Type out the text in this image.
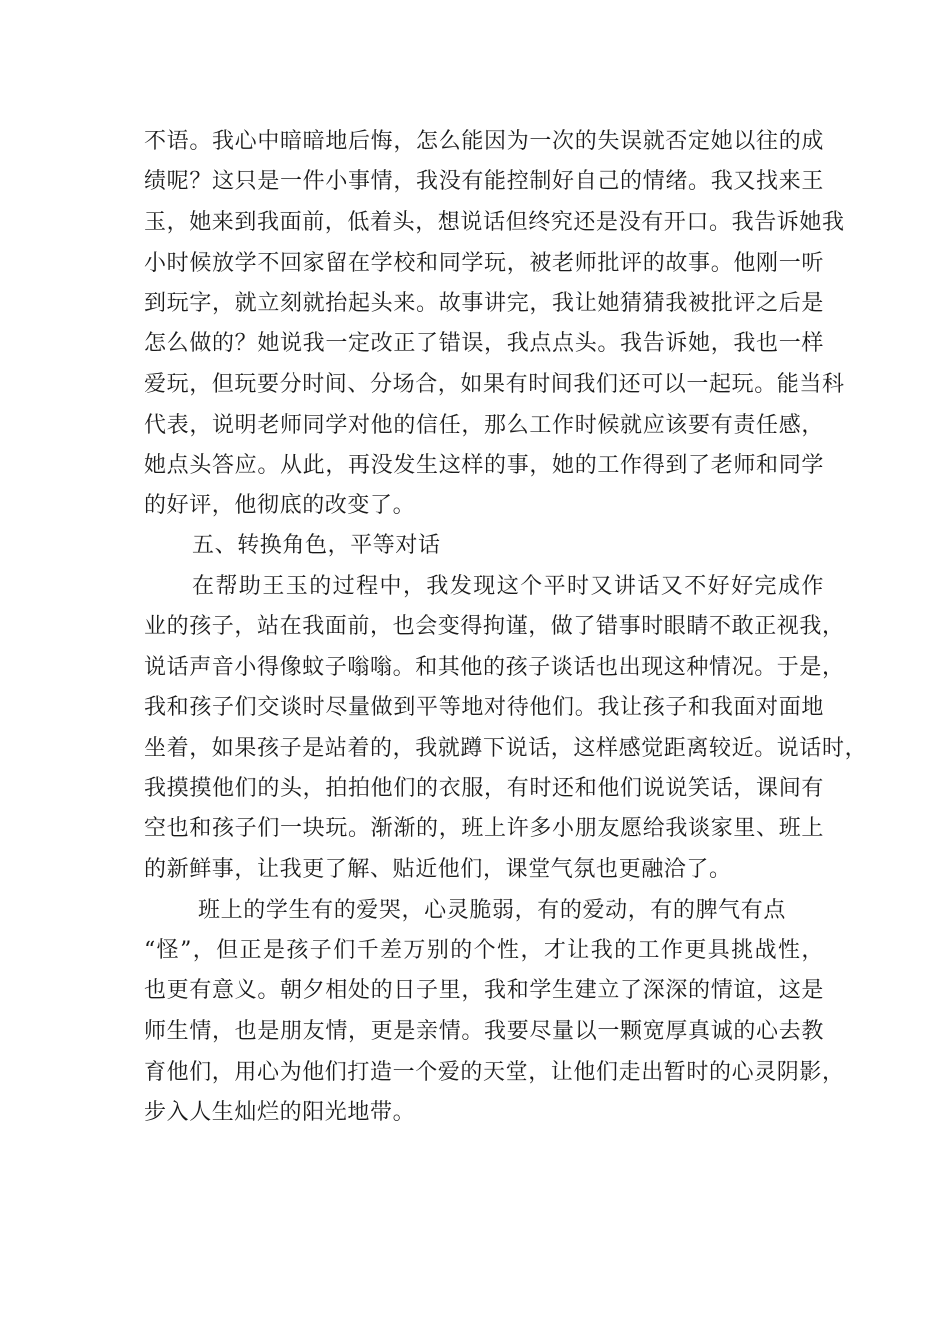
不语。我心中暗暗地后悔，怎么能因为一次的失误就否定她以往的成
绩呢？这只是一件小事情，我没有能控制好自己的情绪。我又找来王
玉，她来到我面前，低着头，想说话但终究还是没有开口。我告诉她我
小时候放学不回家留在学校和同学玩，被老师批评的故事。他刚一听
到玩字，就立刻就抬起头来。故事讲完，我让她猜猜我被批评之后是
怎么做的？她说我一定改正了错误，我点点头。我告诉她，我也一样
爱玩，但玩要分时间、分场合，如果有时间我们还可以一起玩。能当科
代表，说明老师同学对他的信任，那么工作时候就应该要有责任感，
她点头答应。从此，再没发生这样的事，她的工作得到了老师和同学
的好评，他彻底的改变了。
五、转换角色，平等对话
在帮助王玉的过程中，我发现这个平时又讲话又不好好完成作
业的孩子，站在我面前，也会变得拘谨，做了错事时眼睛不敢正视我，
说话声音小得像蚊子嗡嗡。和其他的孩子谈话也出现这种情况。于是，
我和孩子们交谈时尽量做到平等地对待他们。我让孩子和我面对面地
坐着，如果孩子是站着的，我就蹲下说话，这样感觉距离较近。说话时，
我摸摸他们的头，拍拍他们的衣服，有时还和他们说说笑话，课间有
空也和孩子们一块玩。渐渐的，班上许多小朋友愿给我谈家里、班上
的新鲜事，让我更了解、贴近他们，课堂气氛也更融洽了。
班上的学生有的爱哭，心灵脆弱，有的爱动，有的脾气有点
“怪”，但正是孩子们千差万别的个性，才让我的工作更具挑战性，
也更有意义。朝夕相处的日子里，我和学生建立了深深的情谊，这是
师生情，也是朋友情，更是亲情。我要尽量以一颗宽厚真诚的心去教
育他们，用心为他们打造一个爱的天堂，让他们走出暂时的心灵阴影，
步入人生灿烂的阳光地带。
